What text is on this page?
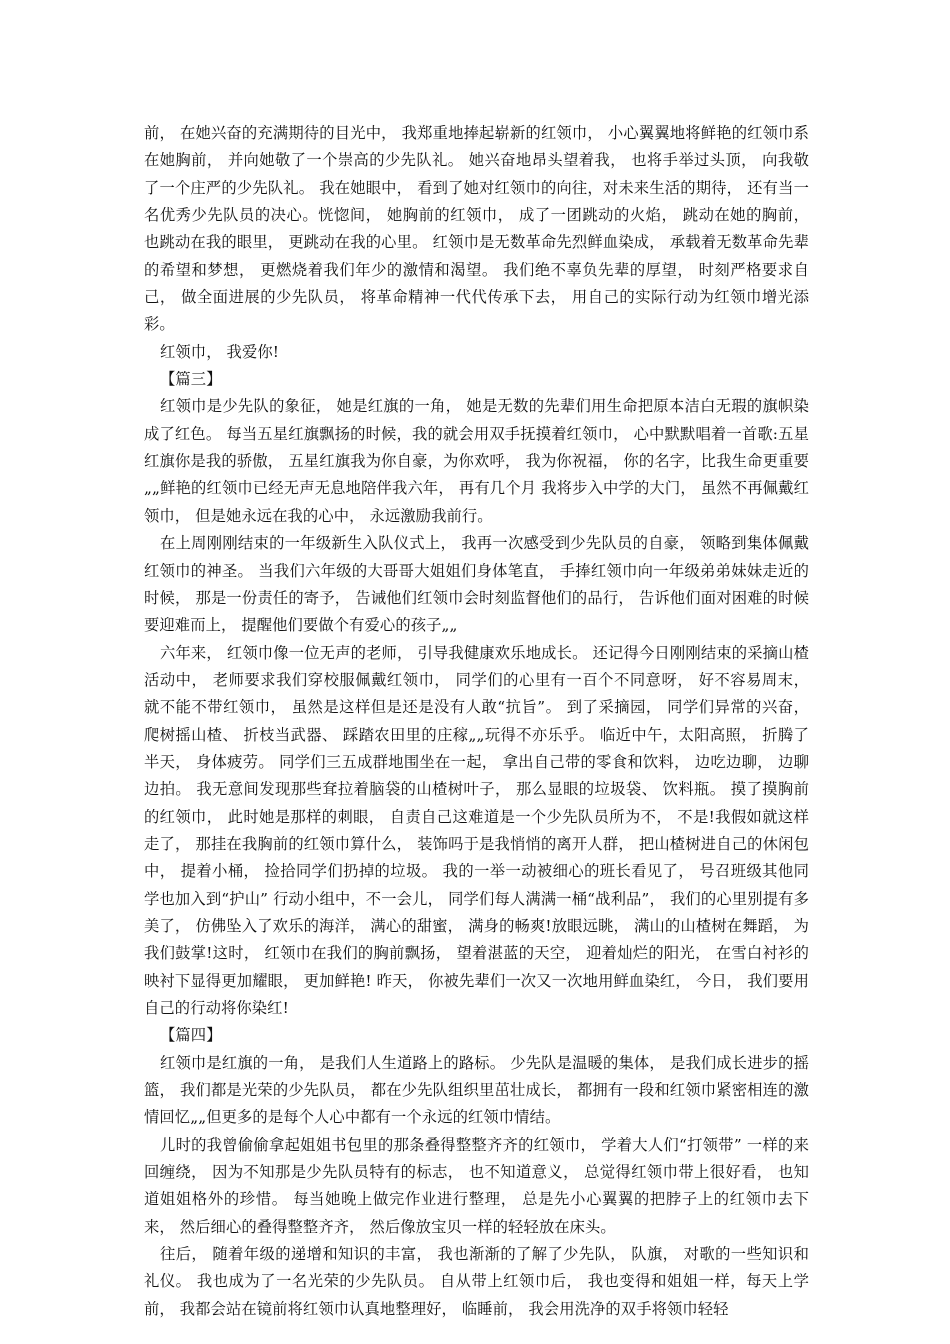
前， 在她兴奋的充满期待的目光中， 我郑重地捧起崭新的红领巾， 小心翼翼地将鲜艳的红领巾系在她胸前， 并向她敬了一个崇高的少先队礼。 她兴奋地昂头望着我， 也将手举过头顶， 向我敬了一个庄严的少先队礼。 我在她眼中， 看到了她对红领巾的向往，对未来生活的期待， 还有当一名优秀少先队员的决心。恍惚间， 她胸前的红领巾， 成了一团跳动的火焰， 跳动在她的胸前， 也跳动在我的眼里， 更跳动在我的心里。 红领巾是无数革命先烈鲜血染成， 承载着无数革命先辈的希望和梦想， 更燃烧着我们年少的激情和渴望。 我们绝不辜负先辈的厚望， 时刻严格要求自己， 做全面进展的少先队员， 将革命精神一代代传承下去， 用自己的实际行动为红领巾增光添彩。

红领巾， 我爱你!

【篇三】

红领巾是少先队的象征， 她是红旗的一角， 她是无数的先辈们用生命把原本洁白无瑕的旗帜染成了红色。 每当五星红旗飘扬的时候，我的就会用双手抚摸着红领巾， 心中默默唱着一首歌:五星红旗你是我的骄傲， 五星红旗我为你自豪，为你欢呼， 我为你祝福， 你的名字，比我生命更重要„„鲜艳的红领巾已经无声无息地陪伴我六年， 再有几个月 我将步入中学的大门， 虽然不再佩戴红领巾， 但是她永远在我的心中， 永远激励我前行。

在上周刚刚结束的一年级新生入队仪式上， 我再一次感受到少先队员的自豪， 领略到集体佩戴红领巾的神圣。 当我们六年级的大哥哥大姐姐们身体笔直， 手捧红领巾向一年级弟弟妹妹走近的时候， 那是一份责任的寄予， 告诫他们红领巾会时刻监督他们的品行， 告诉他们面对困难的时候要迎难而上， 提醒他们要做个有爱心的孩子„„

六年来， 红领巾像一位无声的老师， 引导我健康欢乐地成长。 还记得今日刚刚结束的采摘山楂活动中， 老师要求我们穿校服佩戴红领巾， 同学们的心里有一百个不同意呀， 好不容易周末， 就不能不带红领巾， 虽然是这样但是还是没有人敢“抗旨”。 到了采摘园， 同学们异常的兴奋， 爬树摇山楂、 折枝当武器、 踩踏农田里的庄稼„„玩得不亦乐乎。 临近中午，太阳高照， 折腾了半天， 身体疲劳。 同学们三五成群地围坐在一起， 拿出自己带的零食和饮料， 边吃边聊， 边聊边拍。 我无意间发现那些耷拉着脑袋的山楂树叶子， 那么显眼的垃圾袋、 饮料瓶。 摸了摸胸前的红领巾， 此时她是那样的刺眼， 自责自己这难道是一个少先队员所为不， 不是!我假如就这样走了， 那挂在我胸前的红领巾算什么， 装饰吗于是我悄悄的离开人群， 把山楂树进自己的休闲包中， 提着小桶， 捡拾同学们扔掉的垃圾。 我的一举一动被细心的班长看见了， 号召班级其他同学也加入到“护山” 行动小组中，不一会儿， 同学们每人满满一桶“战利品”， 我们的心里别提有多美了， 仿佛坠入了欢乐的海洋， 满心的甜蜜， 满身的畅爽!放眼远眺， 满山的山楂树在舞蹈， 为我们鼓掌!这时， 红领巾在我们的胸前飘扬， 望着湛蓝的天空， 迎着灿烂的阳光， 在雪白衬衫的映衬下显得更加耀眼， 更加鲜艳! 昨天， 你被先辈们一次又一次地用鲜血染红， 今日， 我们要用自己的行动将你染红!

【篇四】

红领巾是红旗的一角， 是我们人生道路上的路标。 少先队是温暖的集体， 是我们成长进步的摇篮， 我们都是光荣的少先队员， 都在少先队组织里茁壮成长， 都拥有一段和红领巾紧密相连的激情回忆„„但更多的是每个人心中都有一个永远的红领巾情结。

儿时的我曾偷偷拿起姐姐书包里的那条叠得整整齐齐的红领巾， 学着大人们“打领带” 一样的来回缠绕， 因为不知那是少先队员特有的标志， 也不知道意义， 总觉得红领巾带上很好看， 也知道姐姐格外的珍惜。 每当她晚上做完作业进行整理， 总是先小心翼翼的把脖子上的红领巾去下来， 然后细心的叠得整整齐齐， 然后像放宝贝一样的轻轻放在床头。

往后， 随着年级的递增和知识的丰富， 我也渐渐的了解了少先队， 队旗， 对歌的一些知识和礼仪。 我也成为了一名光荣的少先队员。 自从带上红领巾后， 我也变得和姐姐一样，每天上学前， 我都会站在镜前将红领巾认真地整理好， 临睡前， 我会用洗净的双手将领巾轻轻
